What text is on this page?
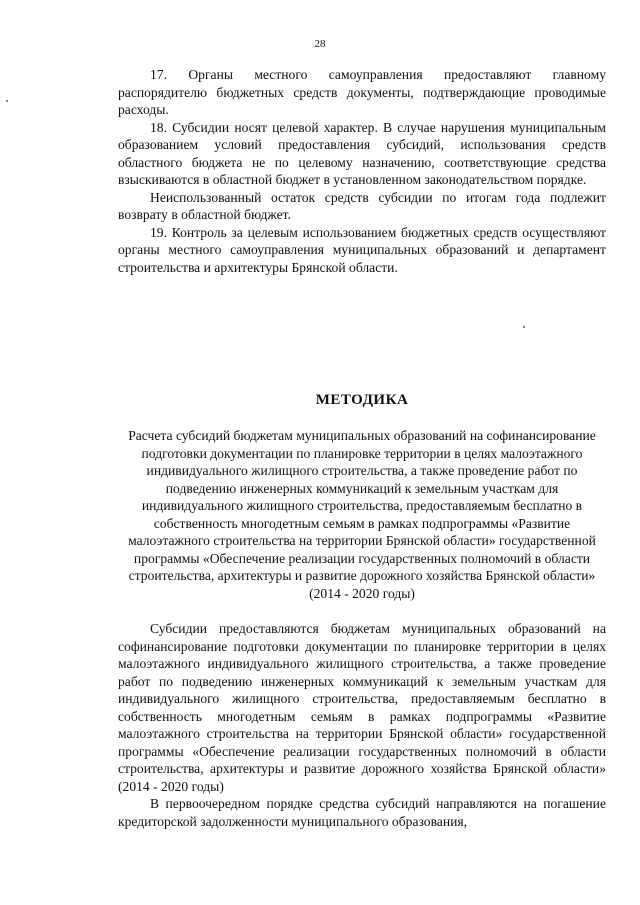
28

17. Органы местного самоуправления предоставляют главному распорядителю бюджетных средств документы, подтверждающие проводимые расходы.

18. Субсидии носят целевой характер. В случае нарушения муниципальным образованием условий предоставления субсидий, использования средств областного бюджета не по целевому назначению, соответствующие средства взыскиваются в областной бюджет в установленном законодательством порядке.

Неиспользованный остаток средств субсидии по итогам года подлежит возврату в областной бюджет.

19. Контроль за целевым использованием бюджетных средств осуществляют органы местного самоуправления муниципальных образований и департамент строительства и архитектуры Брянской области.

МЕТОДИКА

Расчета субсидий бюджетам муниципальных образований на софинансирование подготовки документации по планировке территории в целях малоэтажного индивидуального жилищного строительства, а также проведение работ по подведению инженерных коммуникаций к земельным участкам для индивидуального жилищного строительства, предоставляемым бесплатно в собственность многодетным семьям в рамках подпрограммы «Развитие малоэтажного строительства на территории Брянской области» государственной программы «Обеспечение реализации государственных полномочий в области строительства, архитектуры и развитие дорожного хозяйства Брянской области» (2014 - 2020 годы)

Субсидии предоставляются бюджетам муниципальных образований на софинансирование подготовки документации по планировке территории в целях малоэтажного индивидуального жилищного строительства, а также проведение работ по подведению инженерных коммуникаций к земельным участкам для индивидуального жилищного строительства, предоставляемым бесплатно в собственность многодетным семьям в рамках подпрограммы «Развитие малоэтажного строительства на территории Брянской области» государственной программы «Обеспечение реализации государственных полномочий в области строительства, архитектуры и развитие дорожного хозяйства Брянской области» (2014 - 2020 годы)

В первоочередном порядке средства субсидий направляются на погашение кредиторской задолженности муниципального образования,
